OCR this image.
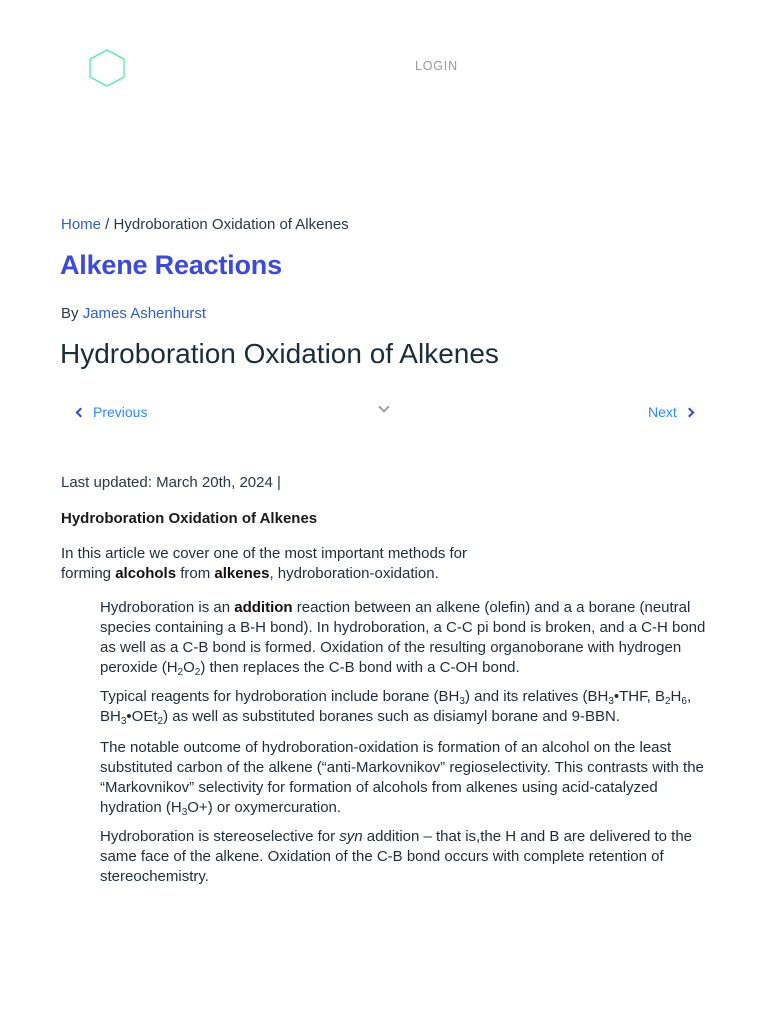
LOGIN
Home / Hydroboration Oxidation of Alkenes
Alkene Reactions
By James Ashenhurst
Hydroboration Oxidation of Alkenes
Previous	Next
Last updated: March 20th, 2024 |
Hydroboration Oxidation of Alkenes

In this article we cover one of the most important methods for forming alcohols from alkenes, hydroboration-oxidation.

Hydroboration is an addition reaction between an alkene (olefin) and a a borane (neutral species containing a B-H bond). In hydroboration, a C-C pi bond is broken, and a C-H bond as well as a C-B bond is formed. Oxidation of the resulting organoborane with hydrogen peroxide $(H_2O_2)$ then replaces the C-B bond with a C-OH bond.

Typical reagents for hydroboration include borane $(BH_3)$ and its relatives ($BH_3•THF$, $B_2H_6$, $BH_3•OEt_2$) as well as substituted boranes such as disiamyl borane and 9-BBN.

The notable outcome of hydroboration-oxidation is formation of an alcohol on the least substituted carbon of the alkene (“anti-Markovnikov” regioselectivity. This contrasts with the “Markovnikov” selectivity for formation of alcohols from alkenes using acid-catalyzed hydration $(H_3O+)$ or oxymercuration.

Hydroboration is stereoselective for syn addition – that is,the H and B are delivered to the same face of the alkene. Oxidation of the C-B bond occurs with complete retention of stereochemistry.
